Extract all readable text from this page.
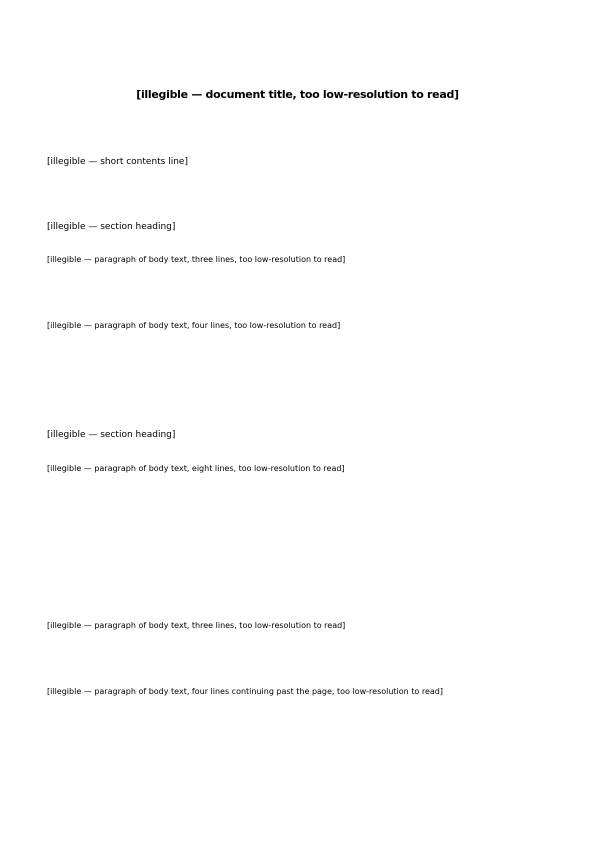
[illegible — document title, too low-resolution to read]
[illegible — short contents line]
[illegible — section heading]
[illegible — paragraph of body text, three lines, too low-resolution to read]
[illegible — paragraph of body text, four lines, too low-resolution to read]
[illegible — section heading]
[illegible — paragraph of body text, eight lines, too low-resolution to read]
[illegible — paragraph of body text, three lines, too low-resolution to read]
[illegible — paragraph of body text, four lines continuing past the page, too low-resolution to read]
